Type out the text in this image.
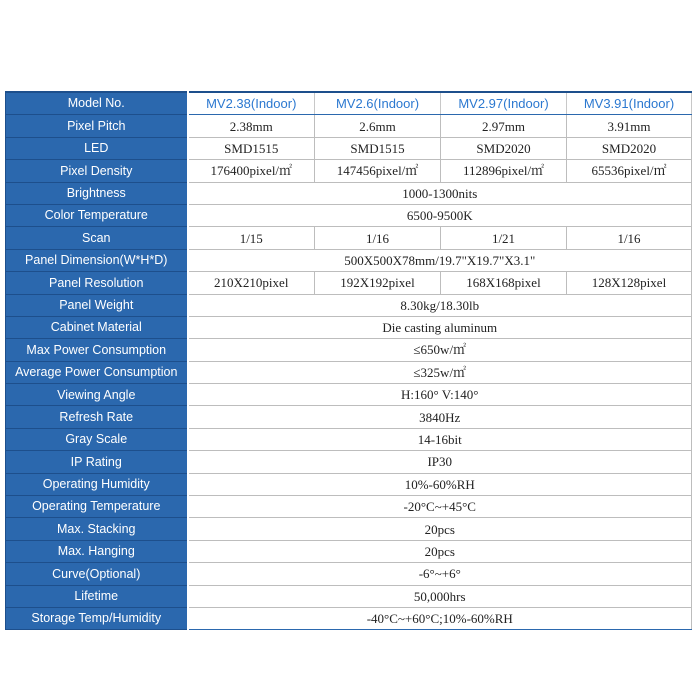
Model No.	MV2.38(Indoor)	MV2.6(Indoor)	MV2.97(Indoor)	MV3.91(Indoor)
Pixel Pitch	2.38mm	2.6mm	2.97mm	3.91mm
LED	SMD1515	SMD1515	SMD2020	SMD2020
Pixel Density	176400pixel/㎡	147456pixel/㎡	112896pixel/㎡	65536pixel/㎡
Brightness	1000-1300nits			
Color Temperature	6500-9500K			
Scan	1/15	1/16	1/21	1/16
Panel Dimension(W*H*D)	500X500X78mm/19.7"X19.7"X3.1"			
Panel Resolution	210X210pixel	192X192pixel	168X168pixel	128X128pixel
Panel Weight	8.30kg/18.30lb			
Cabinet Material	Die casting aluminum			
Max Power Consumption	≤650w/㎡			
Average Power Consumption	≤325w/㎡			
Viewing Angle	H:160° V:140°			
Refresh Rate	3840Hz			
Gray Scale	14-16bit			
IP Rating	IP30			
Operating Humidity	10%-60%RH			
Operating Temperature	-20°C~+45°C			
Max. Stacking	20pcs			
Max. Hanging	20pcs			
Curve(Optional)	-6°~+6°			
Lifetime	50,000hrs			
Storage Temp/Humidity	-40°C~+60°C;10%-60%RH			
